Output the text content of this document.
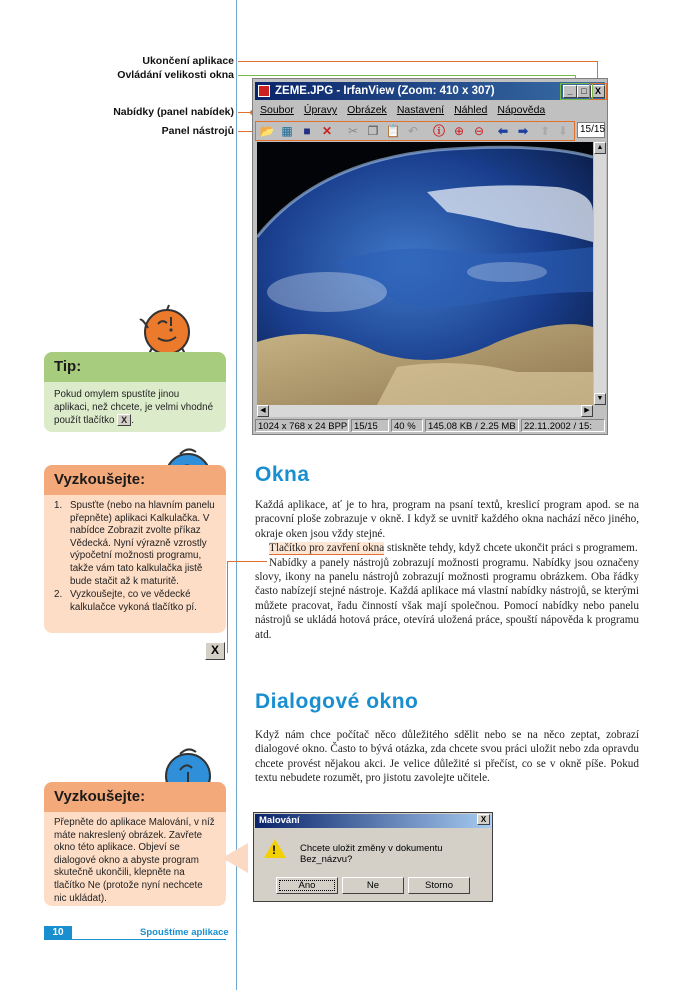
Ukončení aplikace
Ovládání velikosti okna
Nabídky (panel nabídek)
Panel nástrojů
ZEME.JPG - IrfanView (Zoom: 410 x 307)	_ □ X
Soubor Úpravy Obrázek Nastavení Náhled Nápověda
📂 ▦ ■ ✕ ✂ ❐ 📋 ↶ ⓘ ⊕ ⊖ ⬅ ➡ ⬆ ⬇	15/15
▲
▼
◀	▶
1024 x 768 x 24 BPP 15/15	40 %	145.08 KB / 2.25 MB 22.11.2002 / 15:
Tip:
Pokud omylem spustíte jinou aplikaci, než chcete, je velmi vhodné použít tlačítko X .
Vyzkoušejte:
1. Spusťte (nebo na hlavním panelu přepněte) aplikaci Kalkulačka. V nabídce Zobrazit zvolte příkaz Vědecká. Nyní výrazně vzrostly výpočetní možnosti programu, takže vám tato kalkulačka jistě bude stačit až k maturitě.
2. Vyzkoušejte, co ve vědecké kalkulačce vykoná tlačítko pí.
X
Vyzkoušejte:
Přepněte do aplikace Malování, v níž máte nakreslený obrázek. Zavřete okno této aplikace. Objeví se dialogové okno a abyste program skutečně ukončili, klepněte na tlačítko Ne (protože nyní nechcete nic ukládat).
Okna

Každá aplikace, ať je to hra, program na psaní textů, kreslicí program apod. se na pracovní ploše zobrazuje v okně. I když se uvnitř každého okna nachází něco jiného, okraje oken jsou vždy stejné.

Tlačítko pro zavření okna stiskněte tehdy, když chcete ukončit práci s programem.

Nabídky a panely nástrojů zobrazují možnosti programu. Nabídky jsou označeny slovy, ikony na panelu nástrojů zobrazují možnosti programu obrázkem. Oba řádky často nabízejí stejné nástroje. Každá aplikace má vlastní nabídky nástrojů, se kterými můžete pracovat, řadu činností však mají společnou. Pomocí nabídky nebo panelu nástrojů se ukládá hotová práce, otevírá uložená práce, spouští nápověda k programu atd.

Dialogové okno

Když nám chce počítač něco důležitého sdělit nebo se na něco zeptat, zobrazí dialogové okno. Často to bývá otázka, zda chcete svou práci uložit nebo zda opravdu chcete provést nějakou akci. Je velice důležité si přečíst, co se v okně píše. Pokud textu nebudete rozumět, pro jistotu zavolejte učitele.

Malování	X
!	Chcete uložit změny v dokumentu Bez_názvu?
Ano	Ne	Storno
10	Spouštíme aplikace
